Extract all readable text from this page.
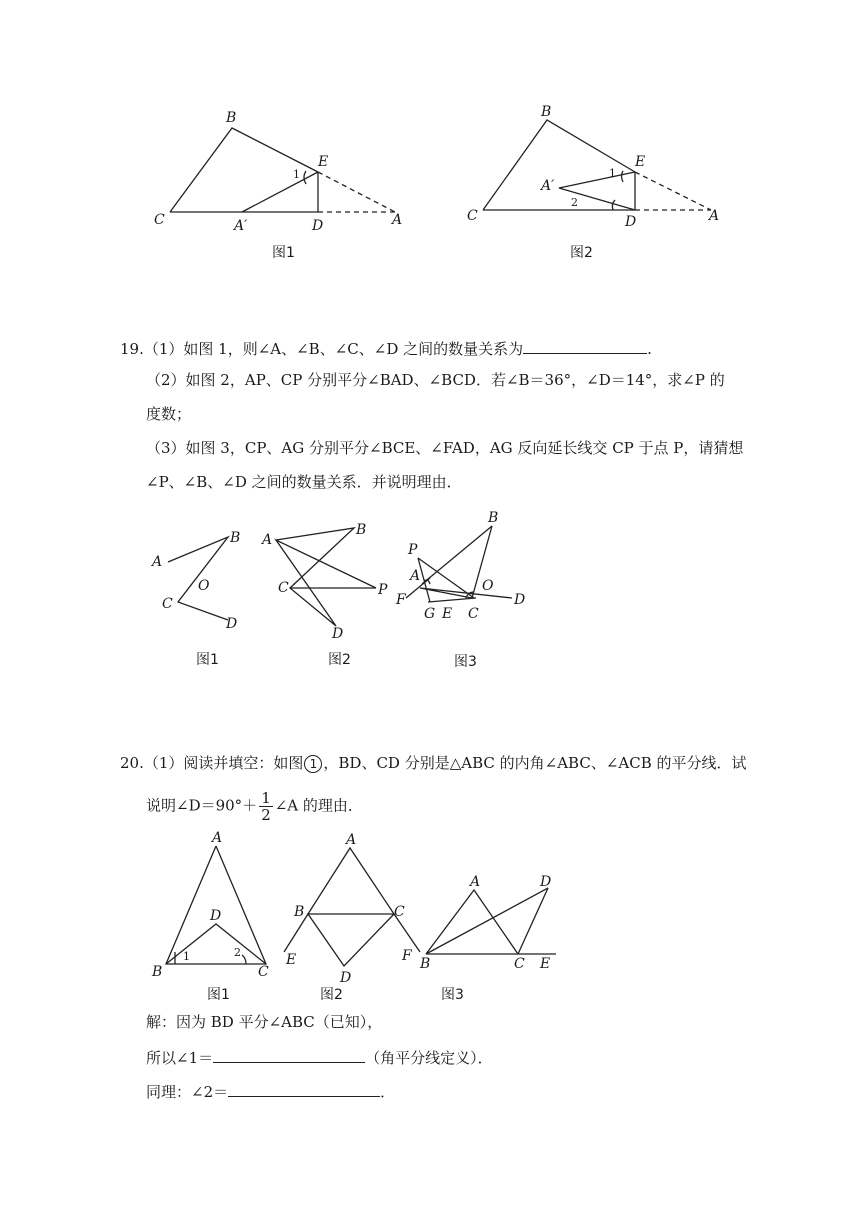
B
E
1
C	A′	D	A
图1
B
E
1
A′
2
C	D	A
图2
19.（1）如图 1，则∠A、∠B、∠C、∠D 之间的数量关系为	.
（2）如图 2，AP、CP 分别平分∠BAD、∠BCD．若∠B＝36°，∠D＝14°，求∠P 的
度数；
（3）如图 3，CP、AG 分别平分∠BCE、∠FAD，AG 反向延长线交 CP 于点 P，请猜想
∠P、∠B、∠D 之间的数量关系．并说明理由．
A
B
O
C
D
图1
A
B
C	P
D
图2
B
P
A
F
O
D
G E C
图3
20.（1）阅读并填空：如图 1 ，BD、CD 分别是△ABC 的内角∠ABC、∠ACB 的平分线．试
说明∠D＝90°＋ $\frac{1}{2}$ ∠A 的理由．
A
D
1	2
B	C
图1
A
B	C
E	F
D
图2
A	D
B	C E
图3
解：因为 BD 平分∠ABC（已知），
所以∠1＝	（角平分线定义）．
同理：∠2＝	．
